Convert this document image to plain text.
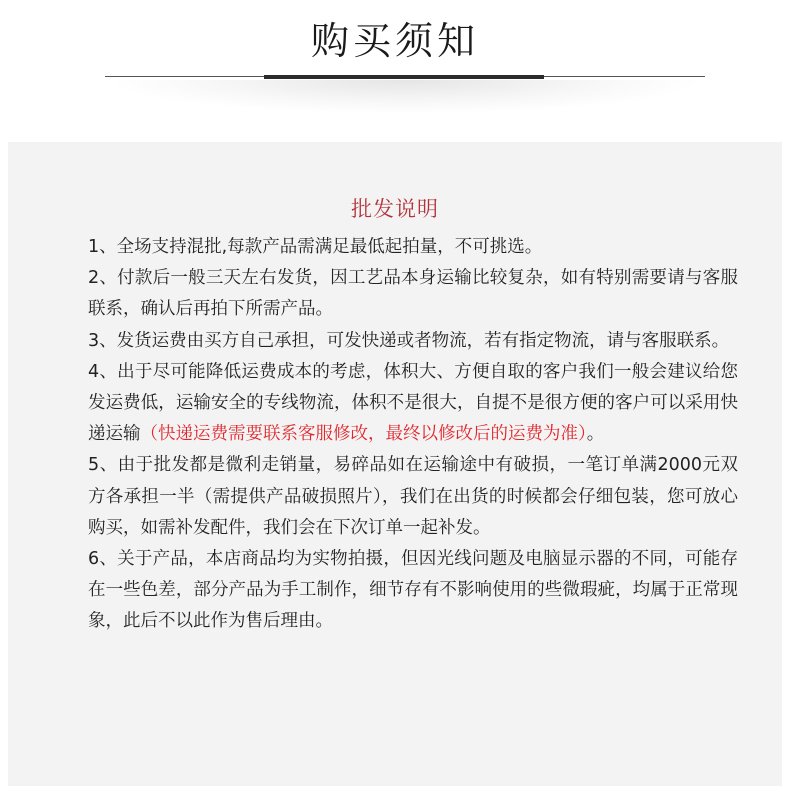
购买须知
批发说明

1、全场支持混批,每款产品需满足最低起拍量，不可挑选。

2、付款后一般三天左右发货，因工艺品本身运输比较复杂，如有特别需要请与客服联系，确认后再拍下所需产品。

3、发货运费由买方自己承担，可发快递或者物流，若有指定物流，请与客服联系。

4、出于尽可能降低运费成本的考虑，体积大、方便自取的客户我们一般会建议给您发运费低，运输安全的专线物流，体积不是很大，自提不是很方便的客户可以采用快递运输（快递运费需要联系客服修改，最终以修改后的运费为准）。

5、由于批发都是微利走销量，易碎品如在运输途中有破损，一笔订单满2000元双方各承担一半（需提供产品破损照片），我们在出货的时候都会仔细包装，您可放心购买，如需补发配件，我们会在下次订单一起补发。

6、关于产品，本店商品均为实物拍摄，但因光线问题及电脑显示器的不同，可能存在一些色差，部分产品为手工制作，细节存有不影响使用的些微瑕疵，均属于正常现象，此后不以此作为售后理由。
